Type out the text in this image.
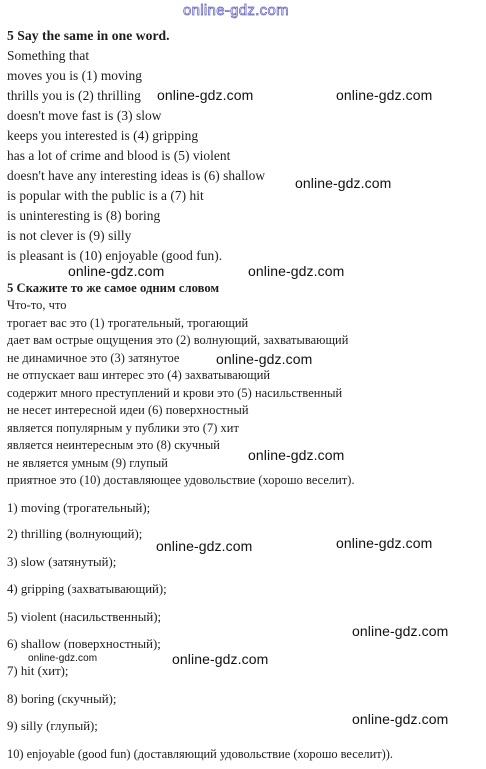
online-gdz.com
5 Say the same in one word.
Something that
moves you is (1) moving
thrills you is (2) thrilling
doesn't move fast is (3) slow
keeps you interested is (4) gripping
has a lot of crime and blood is (5) violent
doesn't have any interesting ideas is (6) shallow
is popular with the public is a (7) hit
is uninteresting is (8) boring
is not clever is (9) silly
is pleasant is (10) enjoyable (good fun).
5 Скажите то же самое одним словом
Что-то, что
трогает вас это (1) трогательный, трогающий
дает вам острые ощущения это (2) волнующий, захватывающий
не динамичное это (3) затянутое
не отпускает ваш интерес это (4) захватывающий
содержит много преступлений и крови это (5) насильственный
не несет интересной идеи (6) поверхностный
является популярным у публики это (7) хит
является неинтересным это (8) скучный
не является умным (9) глупый
приятное это (10) доставляющее удовольствие (хорошо веселит).
1) moving (трогательный);
2) thrilling (волнующий);
3) slow (затянутый);
4) gripping (захватывающий);
5) violent (насильственный);
6) shallow (поверхностный);
7) hit (хит);
8) boring (скучный);
9) silly (глупый);
10) enjoyable (good fun) (доставляющий удовольствие (хорошо веселит)).
online-gdz.com	online-gdz.com
online-gdz.com
online-gdz.com	online-gdz.com
online-gdz.com
online-gdz.com
online-gdz.com	online-gdz.com
online-gdz.com
online-gdz.com	online-gdz.com
online-gdz.com
